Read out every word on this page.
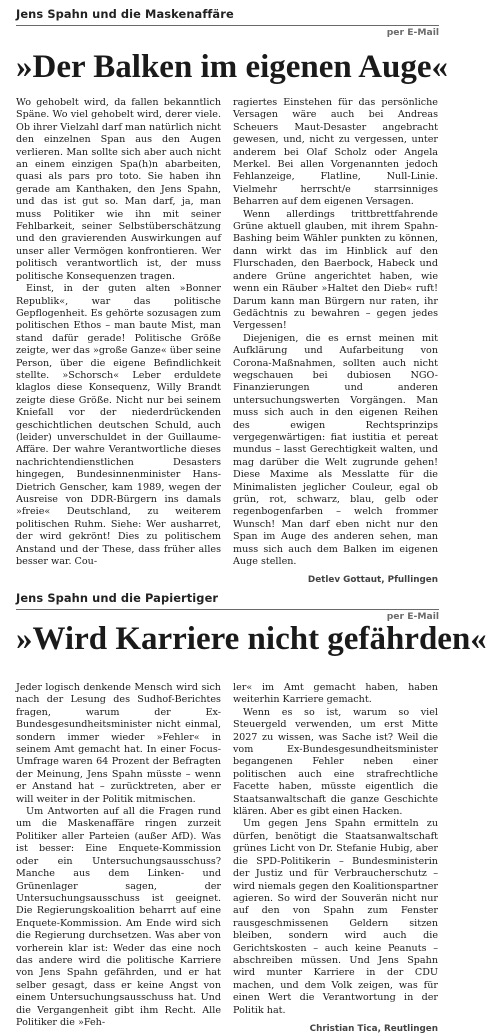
Jens Spahn und die Maskenaffäre
per E-Mail
»Der Balken im eigenen Auge«

Wo gehobelt wird, da fallen bekanntlich Späne. Wo viel gehobelt wird, derer viele. Ob ihrer Vielzahl darf man natürlich nicht den einzelnen Span aus den Augen verlieren. Man sollte sich aber auch nicht an einem einzigen Spa(h)n abarbeiten, quasi als pars pro toto. Sie haben ihn gerade am Kanthaken, den Jens Spahn, und das ist gut so. Man darf, ja, man muss Politiker wie ihn mit seiner Fehlbarkeit, seiner Selbstüberschätzung und den gravierenden Auswirkungen auf unser aller Vermögen konfrontieren. Wer politisch verantwortlich ist, der muss politische Konsequenzen tragen.

Einst, in der guten alten »Bonner Republik«, war das politische Gepflogenheit. Es gehörte sozusagen zum politischen Ethos – man baute Mist, man stand dafür gerade! Politische Größe zeigte, wer das »große Ganze« über seine Person, über die eigene Befindlichkeit stellte. »Schorsch« Leber erduldete klaglos diese Konsequenz, Willy Brandt zeigte diese Größe. Nicht nur bei seinem Kniefall vor der niederdrückenden geschichtlichen deutschen Schuld, auch (leider) unverschuldet in der Guillaume-Affäre. Der wahre Verantwortliche dieses nachrichtendienstlichen Desasters hingegen, Bundesinnenminister Hans-Dietrich Genscher, kam 1989, wegen der Ausreise von DDR-Bürgern ins damals »freie« Deutschland, zu weiterem politischen Ruhm. Siehe: Wer ausharret, der wird gekrönt! Dies zu politischem Anstand und der These, dass früher alles besser war. Cou-

ragiertes Einstehen für das persönliche Versagen wäre auch bei Andreas Scheuers Maut-Desaster angebracht gewesen, und, nicht zu vergessen, unter anderem bei Olaf Scholz oder Angela Merkel. Bei allen Vorgenannten jedoch Fehlanzeige, Flatline, Null-Linie. Vielmehr herrscht/e starrsinniges Beharren auf dem eigenen Versagen.

Wenn allerdings trittbrettfahrende Grüne aktuell glauben, mit ihrem Spahn-Bashing beim Wähler punkten zu können, dann wirkt das im Hinblick auf den Flurschaden, den Baerbock, Habeck und andere Grüne angerichtet haben, wie wenn ein Räuber »Haltet den Dieb« ruft! Darum kann man Bürgern nur raten, ihr Gedächtnis zu bewahren – gegen jedes Vergessen!

Diejenigen, die es ernst meinen mit Aufklärung und Aufarbeitung von Corona-Maßnahmen, sollten auch nicht wegschauen bei dubiosen NGO-Finanzierungen und anderen untersuchungswerten Vorgängen. Man muss sich auch in den eigenen Reihen des ewigen Rechtsprinzips vergegenwärtigen: fiat iustitia et pereat mundus – lasst Gerechtigkeit walten, und mag darüber die Welt zugrunde gehen! Diese Maxime als Messlatte für die Minimalisten jeglicher Couleur, egal ob grün, rot, schwarz, blau, gelb oder regenbogenfarben – welch frommer Wunsch! Man darf eben nicht nur den Span im Auge des anderen sehen, man muss sich auch dem Balken im eigenen Auge stellen.

Detlev Gottaut, Pfullingen
Jens Spahn und die Papiertiger
per E-Mail
»Wird Karriere nicht gefährden«

Jeder logisch denkende Mensch wird sich nach der Lesung des Sudhof-Berichtes fragen, warum der Ex-Bundesgesundheitsminister nicht einmal, sondern immer wieder »Fehler« in seinem Amt gemacht hat. In einer Focus-Umfrage waren 64 Prozent der Befragten der Meinung, Jens Spahn müsste – wenn er Anstand hat – zurücktreten, aber er will weiter in der Politik mitmischen.

Um Antworten auf all die Fragen rund um die Maskenaffäre ringen zurzeit Politiker aller Parteien (außer AfD). Was ist besser: Eine Enquete-Kommission oder ein Untersuchungsausschuss? Manche aus dem Linken- und Grünenlager sagen, der Untersuchungsausschuss ist geeignet. Die Regierungskoalition beharrt auf eine Enquete-Kommission. Am Ende wird sich die Regierung durchsetzen. Was aber von vorherein klar ist: Weder das eine noch das andere wird die politische Karriere von Jens Spahn gefährden, und er hat selber gesagt, dass er keine Angst von einem Untersuchungsausschuss hat. Und die Vergangenheit gibt ihm Recht. Alle Politiker die »Feh-

ler« im Amt gemacht haben, haben weiterhin Karriere gemacht.

Wenn es so ist, warum so viel Steuergeld verwenden, um erst Mitte 2027 zu wissen, was Sache ist? Weil die vom Ex-Bundesgesundheitsminister begangenen Fehler neben einer politischen auch eine strafrechtliche Facette haben, müsste eigentlich die Staatsanwaltschaft die ganze Geschichte klären. Aber es gibt einen Hacken.

Um gegen Jens Spahn ermitteln zu dürfen, benötigt die Staatsanwaltschaft grünes Licht von Dr. Stefanie Hubig, aber die SPD-Politikerin – Bundesministerin der Justiz und für Verbraucherschutz – wird niemals gegen den Koalitionspartner agieren. So wird der Souverän nicht nur auf den von Spahn zum Fenster rausgeschmissenen Geldern sitzen bleiben, sondern wird auch die Gerichtskosten – auch keine Peanuts – abschreiben müssen. Und Jens Spahn wird munter Karriere in der CDU machen, und dem Volk zeigen, was für einen Wert die Verantwortung in der Politik hat.

Christian Tica, Reutlingen
